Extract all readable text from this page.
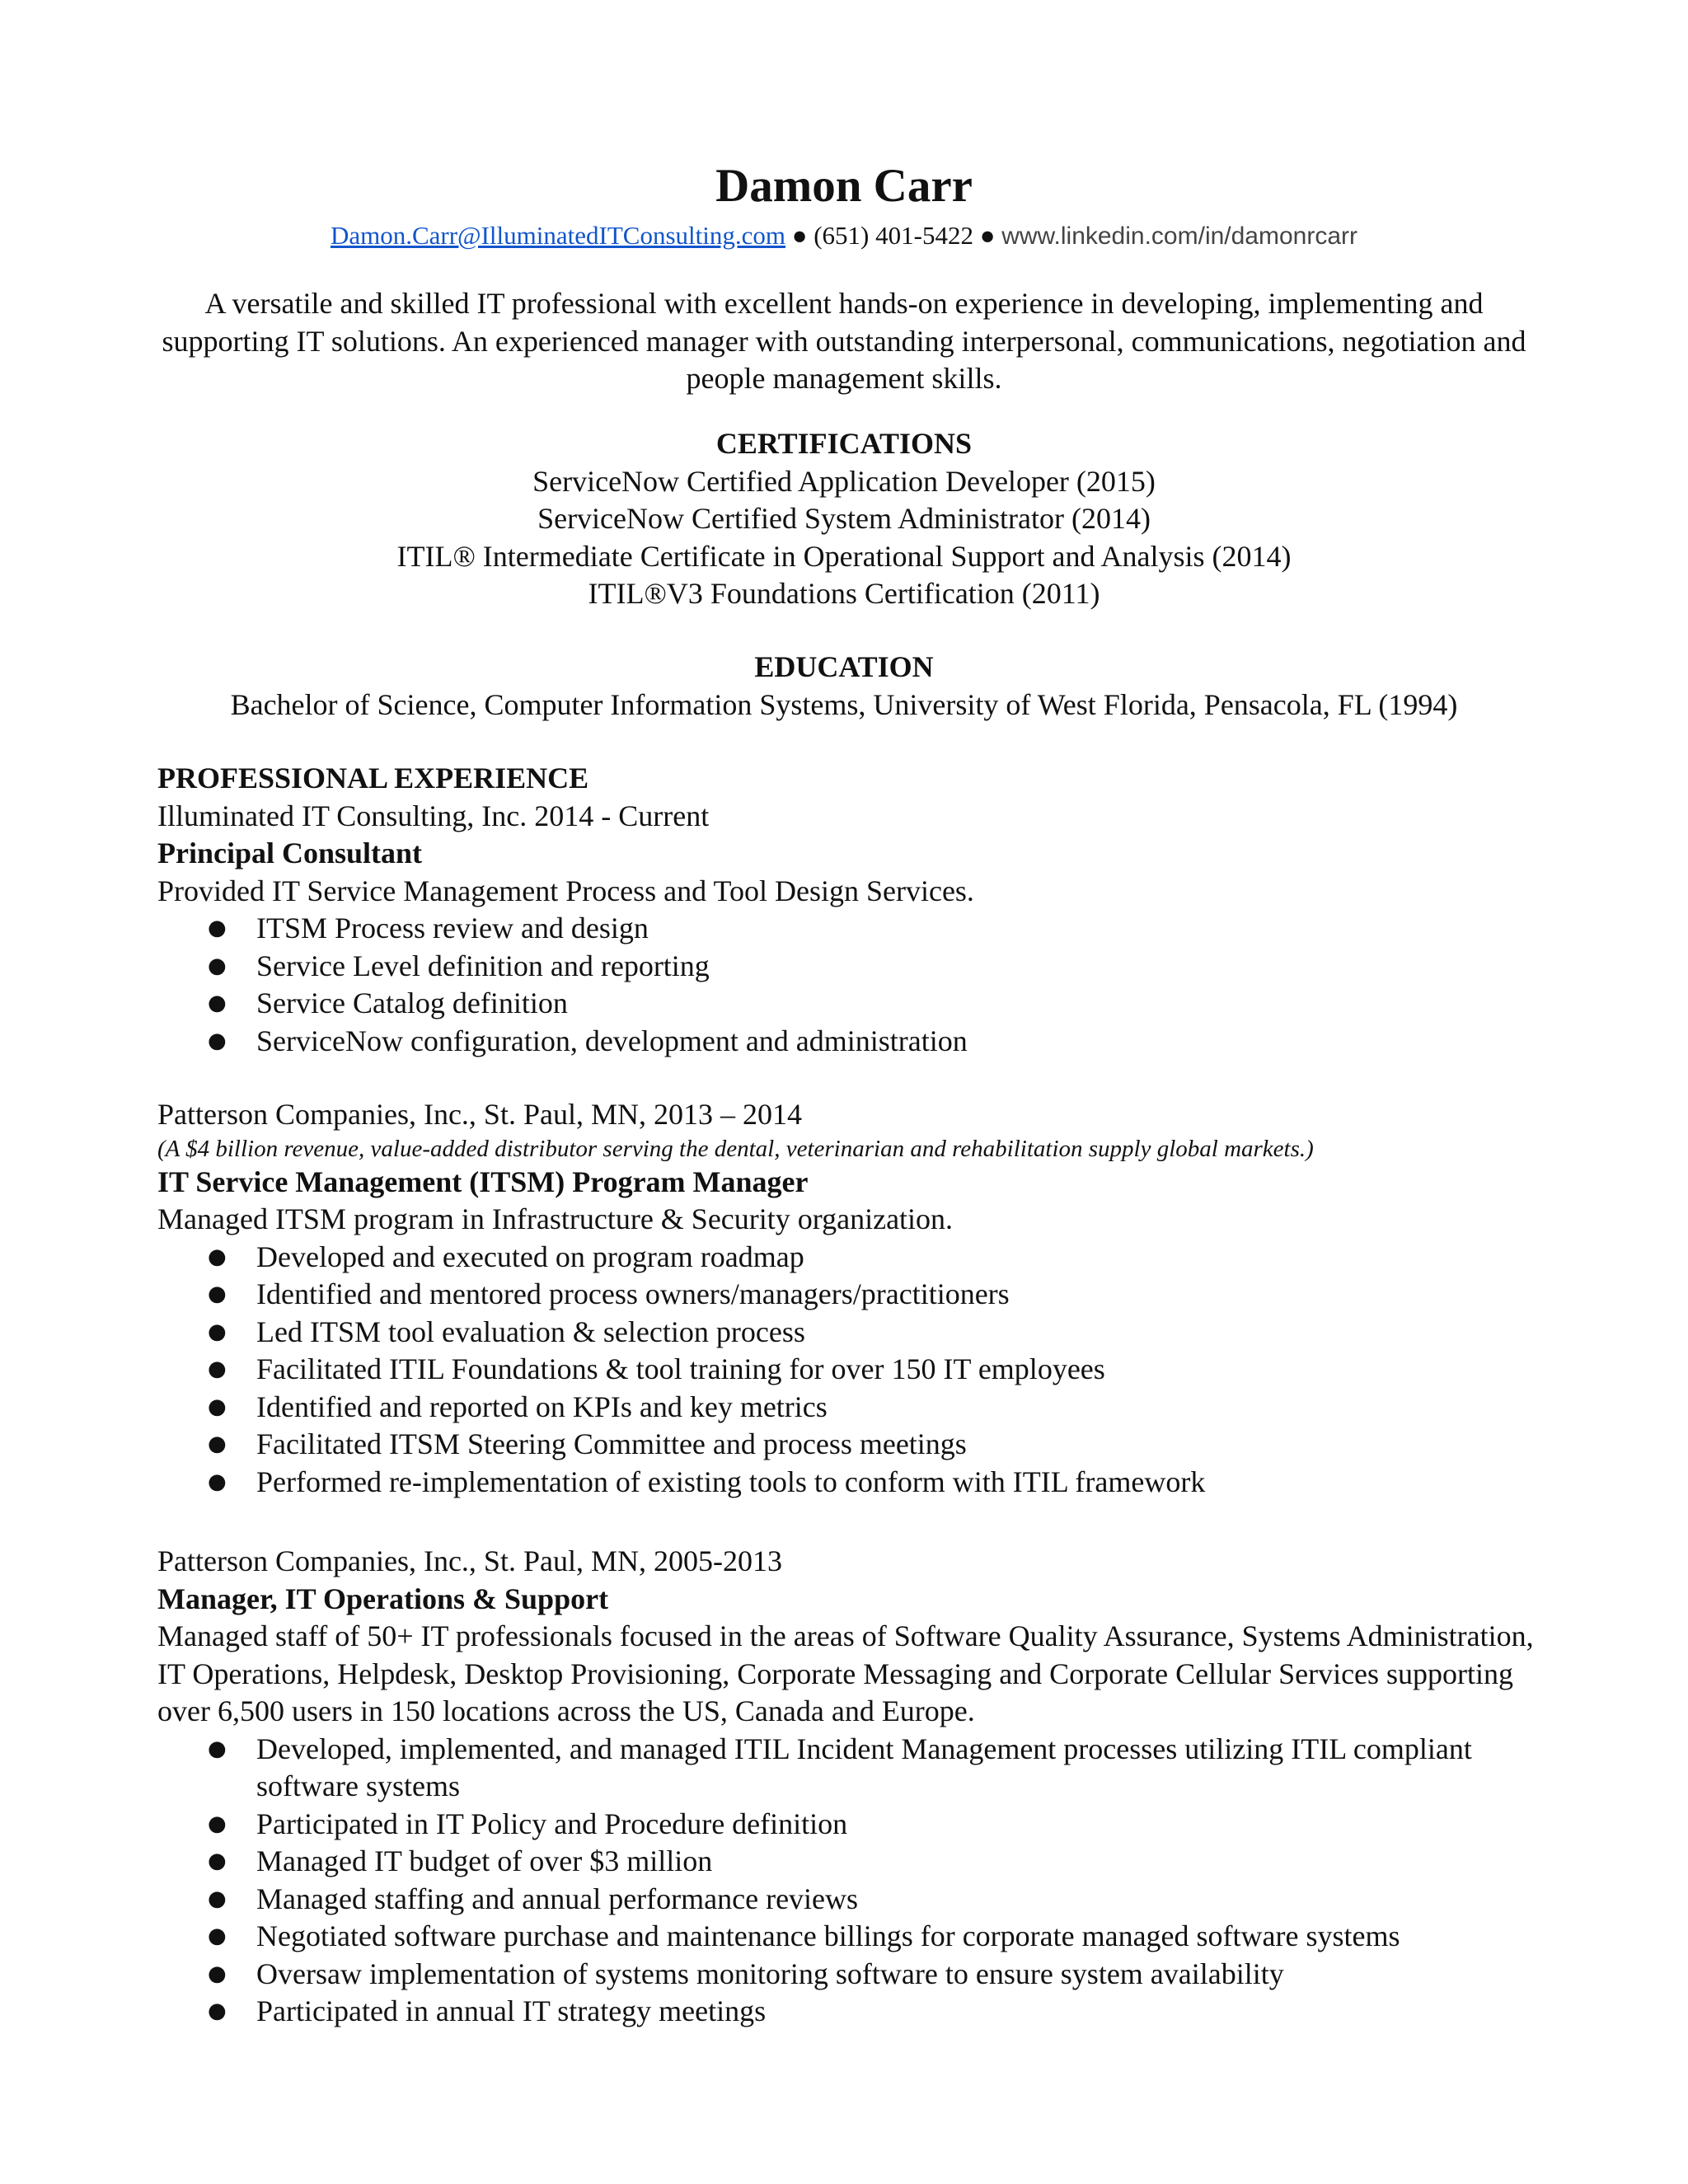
Damon Carr
Damon.Carr@IlluminatedITConsulting.com ● (651) 401-5422 ● www.linkedin.com/in/damonrcarr
A versatile and skilled IT professional with excellent hands-on experience in developing, implementing and supporting IT solutions. An experienced manager with outstanding interpersonal, communications, negotiation and people management skills.
CERTIFICATIONS
ServiceNow Certified Application Developer (2015)
ServiceNow Certified System Administrator (2014)
ITIL® Intermediate Certificate in Operational Support and Analysis (2014)
ITIL®V3 Foundations Certification (2011)
EDUCATION
Bachelor of Science, Computer Information Systems, University of West Florida, Pensacola, FL (1994)
PROFESSIONAL EXPERIENCE
Illuminated IT Consulting, Inc. 2014 - Current
Principal Consultant
Provided IT Service Management Process and Tool Design Services.
● ITSM Process review and design
● Service Level definition and reporting
● Service Catalog definition
● ServiceNow configuration, development and administration
Patterson Companies, Inc., St. Paul, MN, 2013 – 2014
(A $4 billion revenue, value-added distributor serving the dental, veterinarian and rehabilitation supply global markets.)
IT Service Management (ITSM) Program Manager
Managed ITSM program in Infrastructure & Security organization.
● Developed and executed on program roadmap
● Identified and mentored process owners/managers/practitioners
● Led ITSM tool evaluation & selection process
● Facilitated ITIL Foundations & tool training for over 150 IT employees
● Identified and reported on KPIs and key metrics
● Facilitated ITSM Steering Committee and process meetings
● Performed re-implementation of existing tools to conform with ITIL framework
Patterson Companies, Inc., St. Paul, MN, 2005-2013
Manager, IT Operations & Support
Managed staff of 50+ IT professionals focused in the areas of Software Quality Assurance, Systems Administration, IT Operations, Helpdesk, Desktop Provisioning, Corporate Messaging and Corporate Cellular Services supporting over 6,500 users in 150 locations across the US, Canada and Europe.
● Developed, implemented, and managed ITIL Incident Management processes utilizing ITIL compliant software systems
● Participated in IT Policy and Procedure definition
● Managed IT budget of over $3 million
● Managed staffing and annual performance reviews
● Negotiated software purchase and maintenance billings for corporate managed software systems
● Oversaw implementation of systems monitoring software to ensure system availability
● Participated in annual IT strategy meetings
